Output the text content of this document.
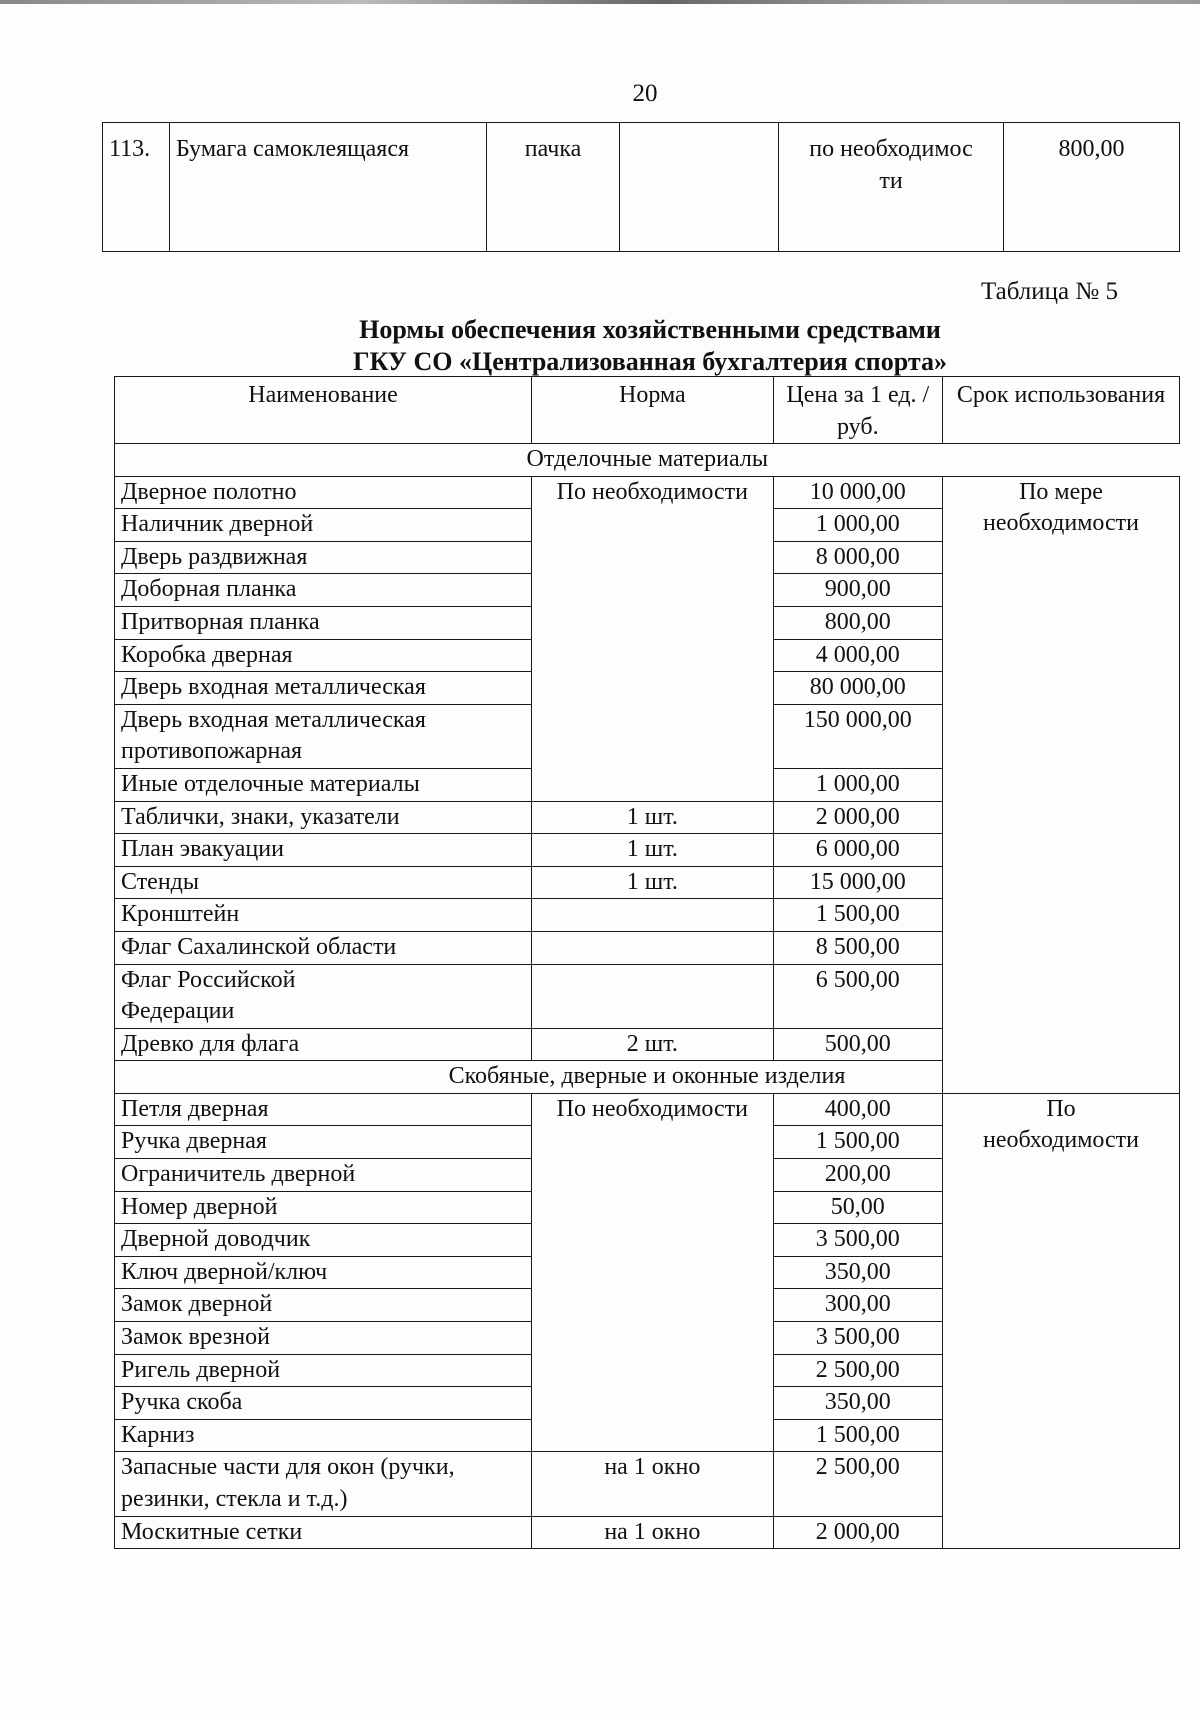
20
113.	Бумага самоклеящаяся	пачка		по необходимос ти	800,00
Таблица № 5
Нормы обеспечения хозяйственными средствами
ГКУ СО «Централизованная бухгалтерия спорта»
Наименование	Норма	Цена за 1 ед. / руб.	Срок использования
Отделочные материалы			
Дверное полотно	По необходимости	10 000,00	По мере необходимости
Наличник дверной		1 000,00	
Дверь раздвижная		8 000,00	
Доборная планка		900,00	
Притворная планка		800,00	
Коробка дверная		4 000,00	
Дверь входная металлическая		80 000,00	
Дверь входная металлическая противопожарная		150 000,00	
Иные отделочные материалы		1 000,00	
Таблички, знаки, указатели	1 шт.	2 000,00	
План эвакуации	1 шт.	6 000,00	
Стенды	1 шт.	15 000,00	
Кронштейн		1 500,00	
Флаг Сахалинской области		8 500,00	
Флаг Российской Федерации		6 500,00	
Древко для флага	2 шт.	500,00	
Скобяные, дверные и оконные изделия			
Петля дверная	По необходимости	400,00	По необходимости
Ручка дверная		1 500,00	
Ограничитель дверной		200,00	
Номер дверной		50,00	
Дверной доводчик		3 500,00	
Ключ дверной/ключ		350,00	
Замок дверной		300,00	
Замок врезной		3 500,00	
Ригель дверной		2 500,00	
Ручка скоба		350,00	
Карниз		1 500,00	
Запасные части для окон (ручки, резинки, стекла и т.д.)	на 1 окно	2 500,00	
Москитные сетки	на 1 окно	2 000,00	
